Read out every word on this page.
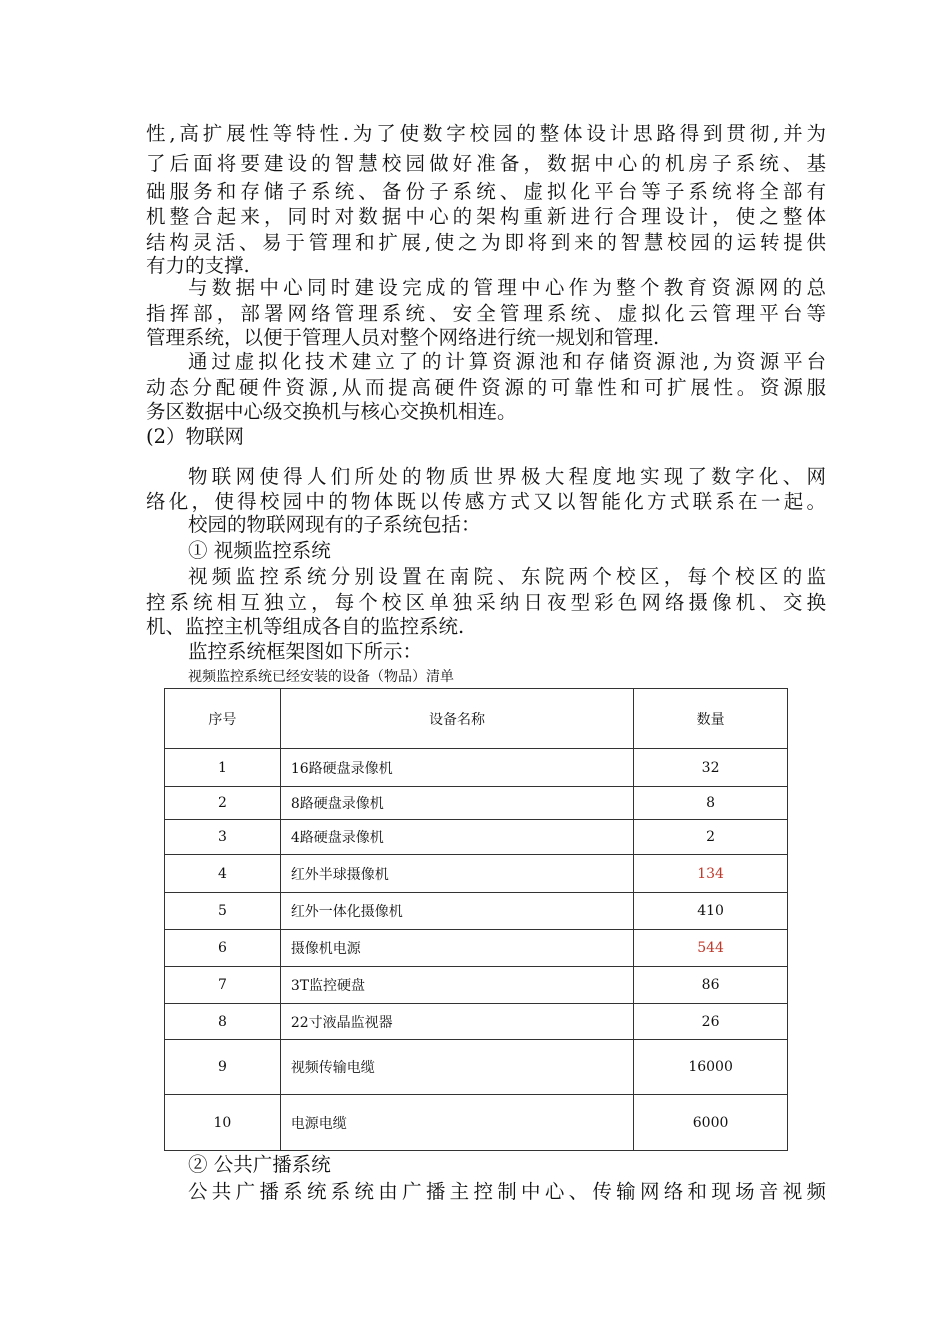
性,高扩展性等特性.为了使数字校园的整体设计思路得到贯彻,并为
了后面将要建设的智慧校园做好准备，数据中心的机房子系统、基
础服务和存储子系统、备份子系统、虚拟化平台等子系统将全部有
机整合起来，同时对数据中心的架构重新进行合理设计，使之整体
结构灵活、易于管理和扩展,使之为即将到来的智慧校园的运转提供
有力的支撑.
与数据中心同时建设完成的管理中心作为整个教育资源网的总
指挥部，部署网络管理系统、安全管理系统、虚拟化云管理平台等
管理系统，以便于管理人员对整个网络进行统一规划和管理.
通过虚拟化技术建立了的计算资源池和存储资源池,为资源平台
动态分配硬件资源,从而提高硬件资源的可靠性和可扩展性。资源服
务区数据中心级交换机与核心交换机相连。
(2）物联网
物联网使得人们所处的物质世界极大程度地实现了数字化、网
络化，使得校园中的物体既以传感方式又以智能化方式联系在一起。
校园的物联网现有的子系统包括：
① 视频监控系统
视频监控系统分别设置在南院、东院两个校区，每个校区的监
控系统相互独立，每个校区单独采纳日夜型彩色网络摄像机、交换
机、监控主机等组成各自的监控系统.
监控系统框架图如下所示：
视频监控系统已经安装的设备（物品）清单
序号	设备名称	数量
1	16路硬盘录像机	32
2	8路硬盘录像机	8
3	4路硬盘录像机	2
4	红外半球摄像机	134
5	红外一体化摄像机	410
6	摄像机电源	544
7	3T监控硬盘	86
8	22寸液晶监视器	26
9	视频传输电缆	16000
10	电源电缆	6000
② 公共广播系统
公共广播系统系统由广播主控制中心、传输网络和现场音视频
